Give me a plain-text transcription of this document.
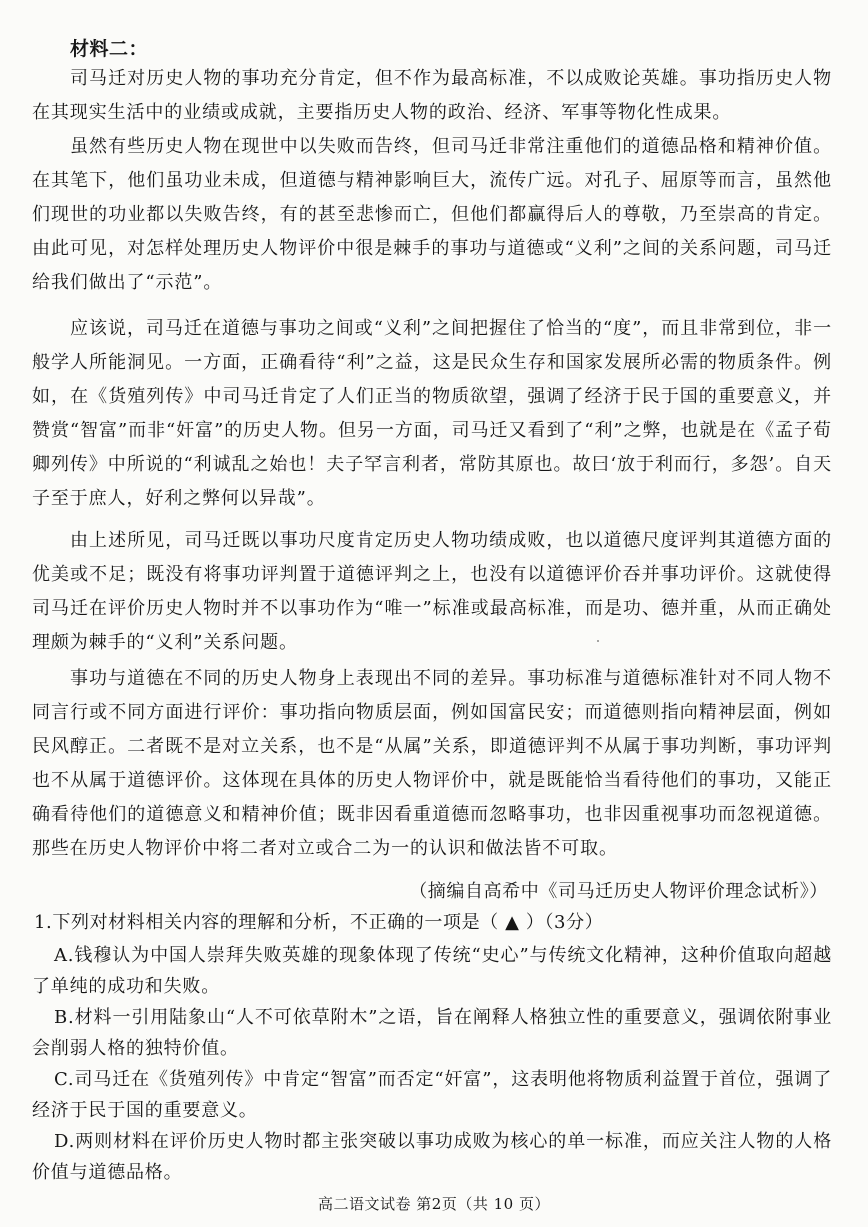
材料二：

司马迁对历史人物的事功充分肯定，但不作为最高标准，不以成败论英雄。事功指历史人物在其现实生活中的业绩或成就，主要指历史人物的政治、经济、军事等物化性成果。

虽然有些历史人物在现世中以失败而告终，但司马迁非常注重他们的道德品格和精神价值。在其笔下，他们虽功业未成，但道德与精神影响巨大，流传广远。对孔子、屈原等而言，虽然他们现世的功业都以失败告终，有的甚至悲惨而亡，但他们都赢得后人的尊敬，乃至崇高的肯定。由此可见，对怎样处理历史人物评价中很是棘手的事功与道德或“义利”之间的关系问题，司马迁给我们做出了“示范”。

应该说，司马迁在道德与事功之间或“义利”之间把握住了恰当的“度”，而且非常到位，非一般学人所能洞见。一方面，正确看待“利”之益，这是民众生存和国家发展所必需的物质条件。例如，在《货殖列传》中司马迁肯定了人们正当的物质欲望，强调了经济于民于国的重要意义，并赞赏“智富”而非“奸富”的历史人物。但另一方面，司马迁又看到了“利”之弊，也就是在《孟子荀卿列传》中所说的“利诚乱之始也！夫子罕言利者，常防其原也。故曰‘放于利而行，多怨’。自天子至于庶人，好利之弊何以异哉”。

由上述所见，司马迁既以事功尺度肯定历史人物功绩成败，也以道德尺度评判其道德方面的优美或不足；既没有将事功评判置于道德评判之上，也没有以道德评价吞并事功评价。这就使得司马迁在评价历史人物时并不以事功作为“唯一”标准或最高标准，而是功、德并重，从而正确处理颇为棘手的“义利”关系问题。

事功与道德在不同的历史人物身上表现出不同的差异。事功标准与道德标准针对不同人物不同言行或不同方面进行评价：事功指向物质层面，例如国富民安；而道德则指向精神层面，例如民风醇正。二者既不是对立关系，也不是“从属”关系，即道德评判不从属于事功判断，事功评判也不从属于道德评价。这体现在具体的历史人物评价中，就是既能恰当看待他们的事功，又能正确看待他们的道德意义和精神价值；既非因看重道德而忽略事功，也非因重视事功而忽视道德。那些在历史人物评价中将二者对立或合二为一的认识和做法皆不可取。

（摘编自高希中《司马迁历史人物评价理念试析》）
1.下列对材料相关内容的理解和分析，不正确的一项是（ ▲ ）（3分）

A.钱穆认为中国人崇拜失败英雄的现象体现了传统“史心”与传统文化精神，这种价值取向超越了单纯的成功和失败。

B.材料一引用陆象山“人不可依草附木”之语，旨在阐释人格独立性的重要意义，强调依附事业会削弱人格的独特价值。

C.司马迁在《货殖列传》中肯定“智富”而否定“奸富”，这表明他将物质利益置于首位，强调了经济于民于国的重要意义。

D.两则材料在评价历史人物时都主张突破以事功成败为核心的单一标准，而应关注人物的人格价值与道德品格。

高二语文试卷 第2页（共 10 页）
